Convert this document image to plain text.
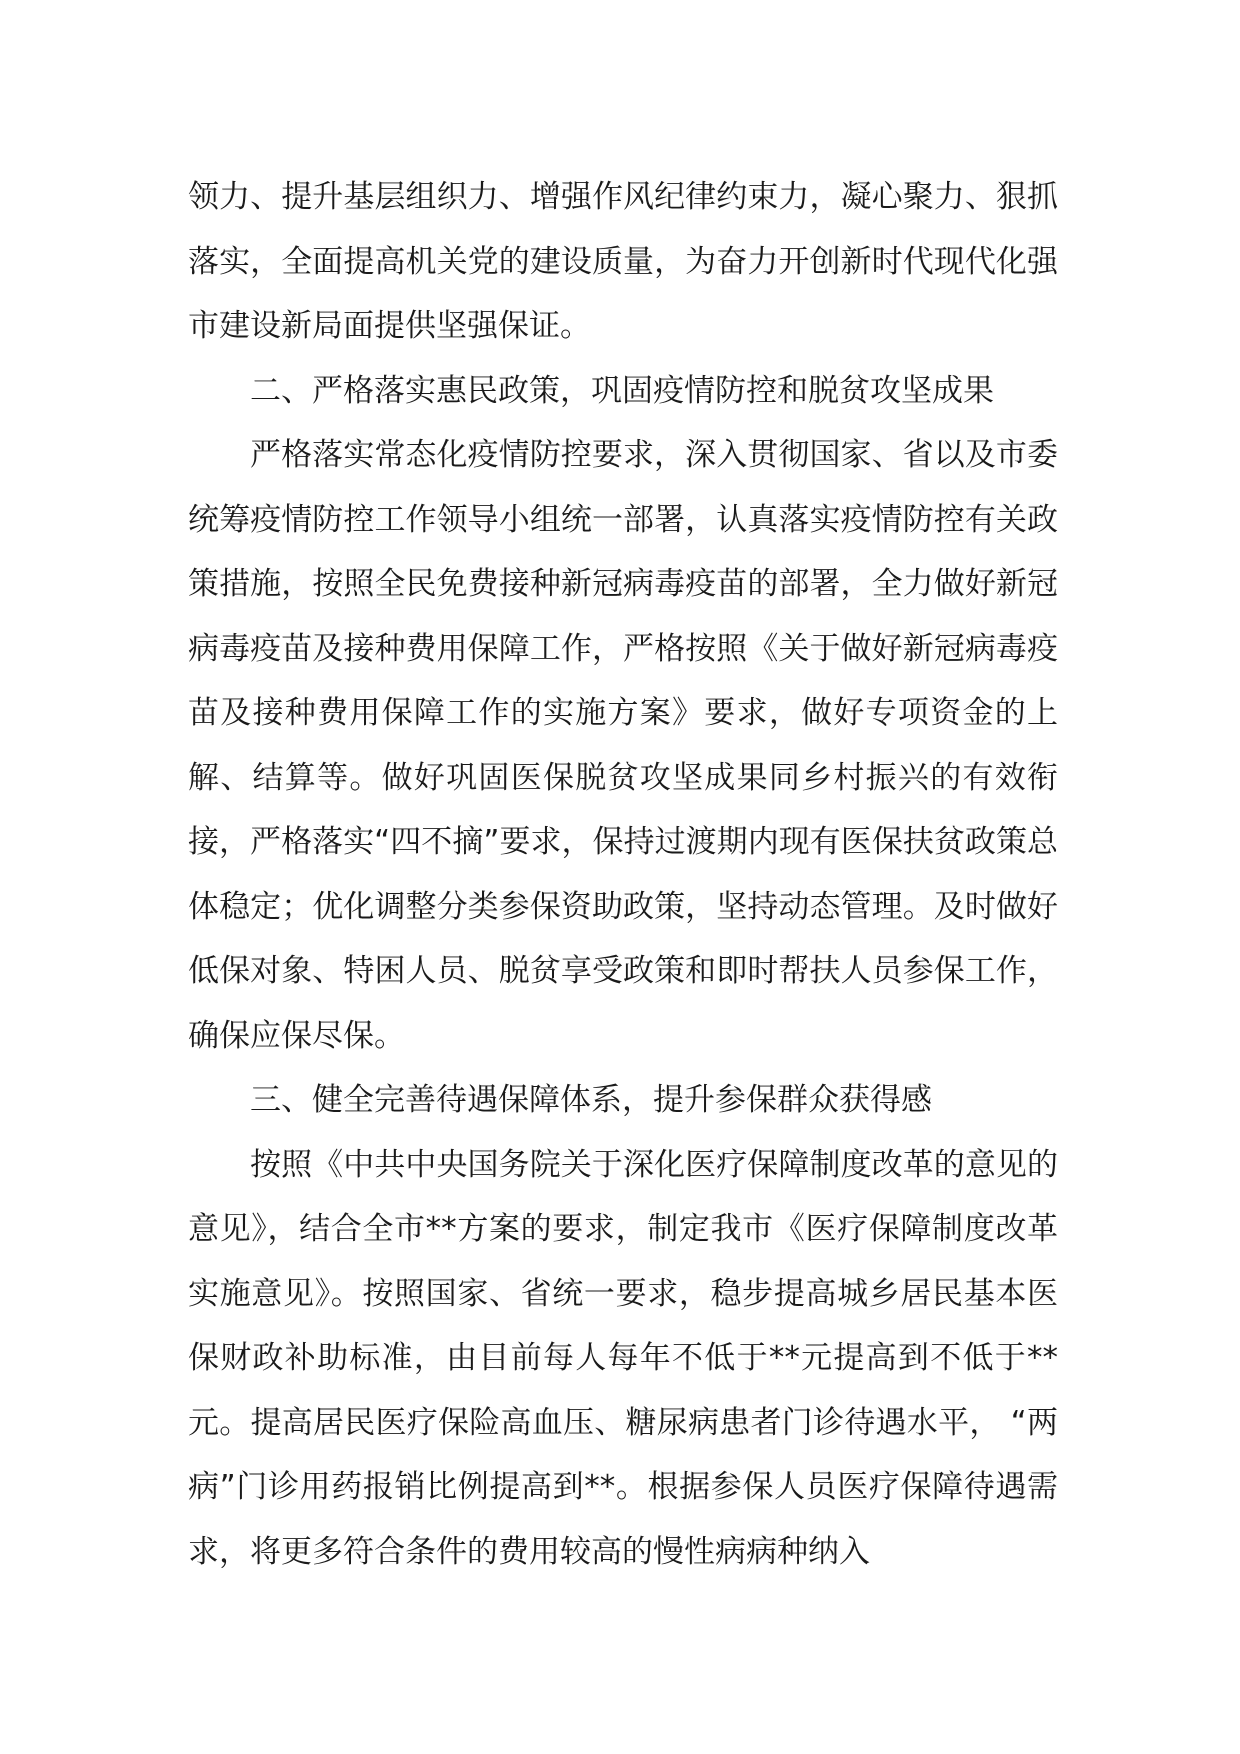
领力、提升基层组织力、增强作风纪律约束力，凝心聚力、狠抓落实，全面提高机关党的建设质量，为奋力开创新时代现代化强市建设新局面提供坚强保证。

二、严格落实惠民政策，巩固疫情防控和脱贫攻坚成果

严格落实常态化疫情防控要求，深入贯彻国家、省以及市委统筹疫情防控工作领导小组统一部署，认真落实疫情防控有关政策措施，按照全民免费接种新冠病毒疫苗的部署，全力做好新冠病毒疫苗及接种费用保障工作，严格按照《关于做好新冠病毒疫苗及接种费用保障工作的实施方案》要求，做好专项资金的上解、结算等。做好巩固医保脱贫攻坚成果同乡村振兴的有效衔接，严格落实“四不摘”要求，保持过渡期内现有医保扶贫政策总体稳定；优化调整分类参保资助政策，坚持动态管理。及时做好低保对象、特困人员、脱贫享受政策和即时帮扶人员参保工作， 确保应保尽保。

三、健全完善待遇保障体系，提升参保群众获得感

按照《中共中央国务院关于深化医疗保障制度改革的意见的意见》，结合全市**方案的要求，制定我市《医疗保障制度改革实施意见》。按照国家、省统一要求，稳步提高城乡居民基本医保财政补助标准，由目前每人每年不低于**元提高到不低于**元。提高居民医疗保险高血压、糖尿病患者门诊待遇水平， “两病”门诊用药报销比例提高到**。根据参保人员医疗保障待遇需求，将更多符合条件的费用较高的慢性病病种纳入
